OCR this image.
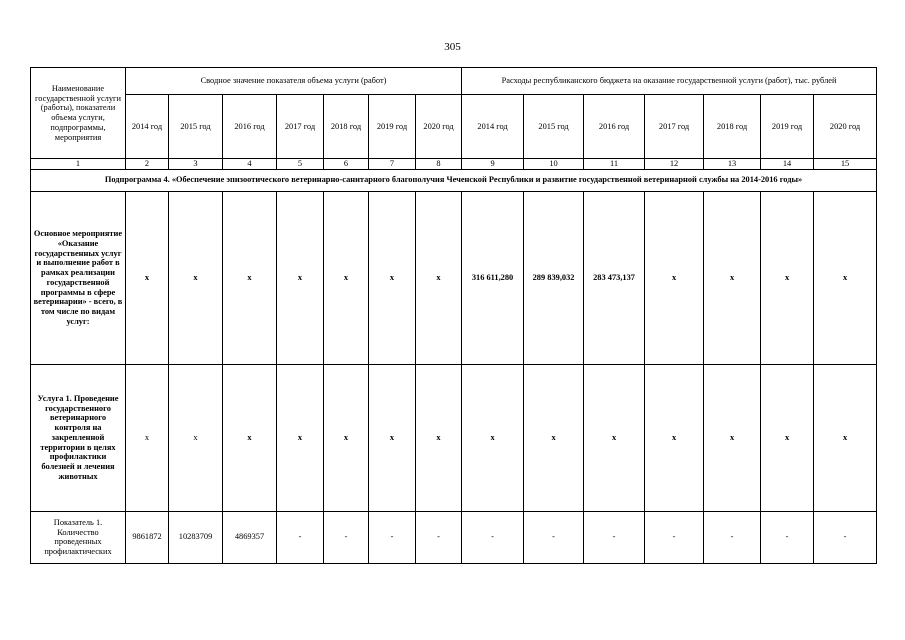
305
Наименование государственной услуги (работы), показатели объема услуги, подпрограммы, мероприятия	Сводное значение показателя объема услуги (работ)							Расходы республиканского бюджета на оказание государственной услуги (работ), тыс. рублей						
	2014 год	2015 год	2016 год	2017 год	2018 год	2019 год	2020 год	2014 год	2015 год	2016 год	2017 год	2018 год	2019 год	2020 год
1	2	3	4	5	6	7	8	9	10	11	12	13	14	15
Подпрограмма 4. «Обеспечение эпизоотического ветеринарно-санитарного благополучия Чеченской Республики и развитие государственной ветеринарной службы на 2014-2016 годы»														
Основное мероприятие «Оказание государственных услуг и выполнение работ в рамках реализации государственной программы в сфере ветеринарии» - всего, в том числе по видам услуг:	x	x	x	x	x	x	x	316 611,280	289 839,032	283 473,137	x	x	x	x
Услуга 1. Проведение государственного ветеринарного контроля на закрепленной территории в целях профилактики болезней и лечения животных	x	x	x	x	x	x	x	x	x	x	x	x	x	x
Показатель 1. Количество проведенных профилактических	9861872	10283709	4869357	-	-	-	-	-	-	-	-	-	-	-
